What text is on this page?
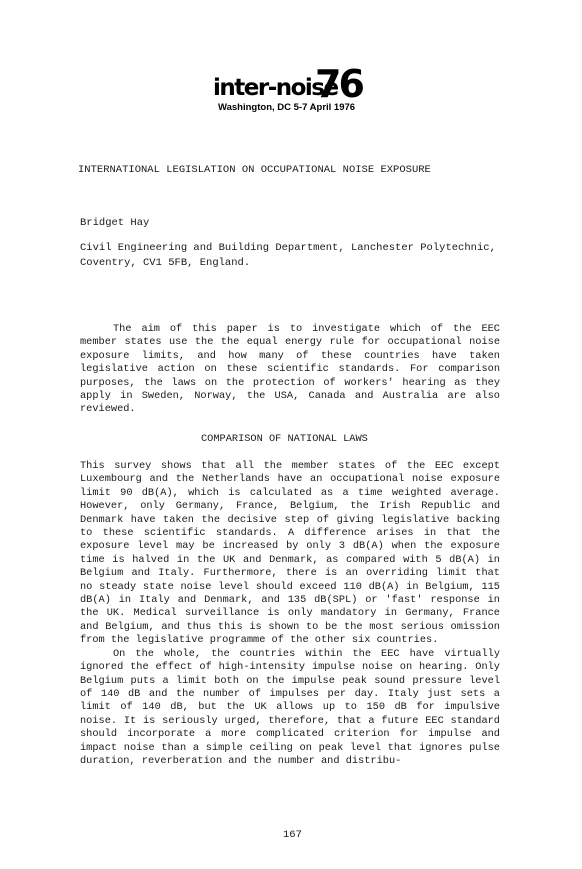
inter-noise
76
Washington, DC 5-7 April 1976
INTERNATIONAL LEGISLATION ON OCCUPATIONAL NOISE EXPOSURE
Bridget Hay
Civil Engineering and Building Department, Lanchester Polytechnic, Coventry, CV1 5FB, England.

The aim of this paper is to investigate which of the EEC member states use the the equal energy rule for occupational noise exposure limits, and how many of these countries have taken legislative action on these scientific standards. For comparison purposes, the laws on the protection of workers' hearing as they apply in Sweden, Norway, the USA, Canada and Australia are also reviewed.

COMPARISON OF NATIONAL LAWS

This survey shows that all the member states of the EEC except Luxembourg and the Netherlands have an occupational noise exposure limit 90 dB(A), which is calculated as a time weighted average. However, only Germany, France, Belgium, the Irish Republic and Denmark have taken the decisive step of giving legislative backing to these scientific standards. A difference arises in that the exposure level may be increased by only 3 dB(A) when the exposure time is halved in the UK and Denmark, as compared with 5 dB(A) in Belgium and Italy. Furthermore, there is an overriding limit that no steady state noise level should exceed 110 dB(A) in Belgium, 115 dB(A) in Italy and Denmark, and 135 dB(SPL) or 'fast' response in the UK. Medical surveillance is only mandatory in Germany, France and Belgium, and thus this is shown to be the most serious omission from the legislative programme of the other six countries.

On the whole, the countries within the EEC have virtually ignored the effect of high-intensity impulse noise on hearing. Only Belgium puts a limit both on the impulse peak sound pressure level of 140 dB and the number of impulses per day. Italy just sets a limit of 140 dB, but the UK allows up to 150 dB for impulsive noise. It is seriously urged, therefore, that a future EEC standard should incorporate a more complicated criterion for impulse and impact noise than a simple ceiling on peak level that ignores pulse duration, reverberation and the number and distribu-

167
